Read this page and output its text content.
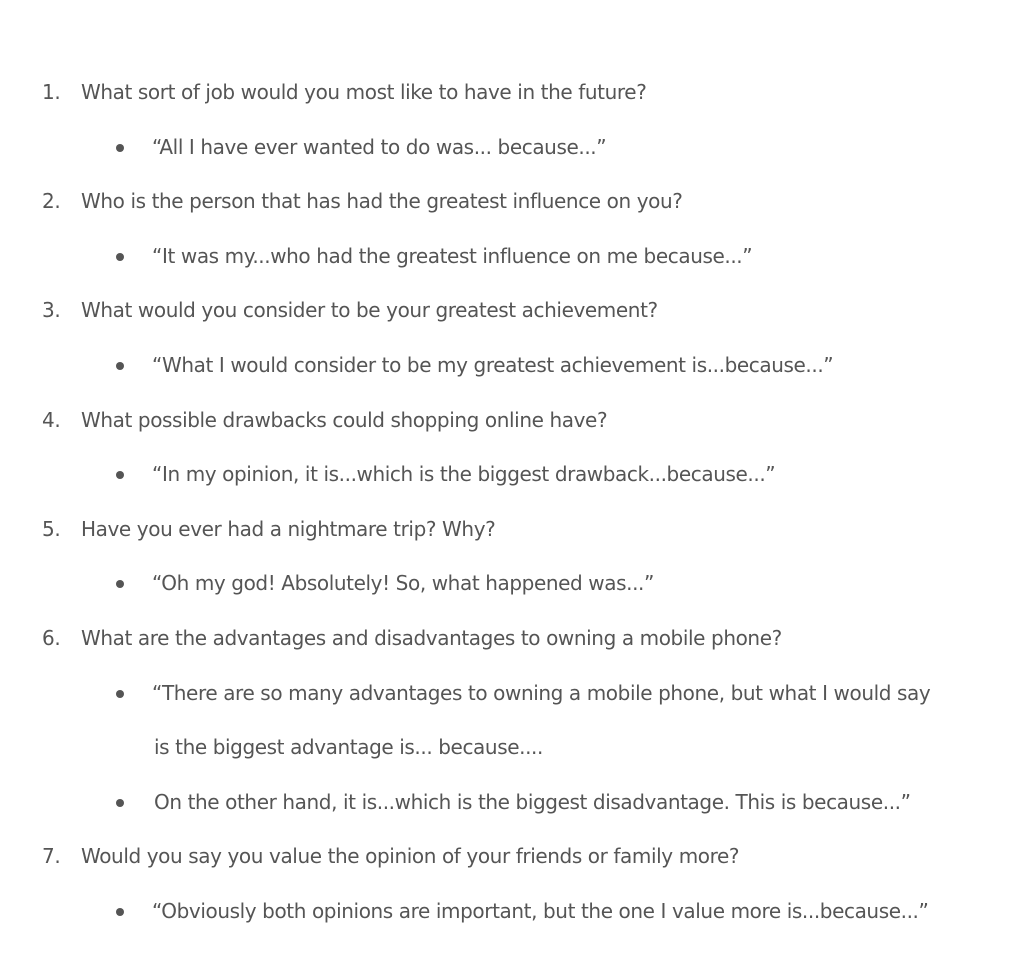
1.	What sort of job would you most like to have in the future?
“All I have ever wanted to do was... because...”
2.	Who is the person that has had the greatest influence on you?
“It was my...who had the greatest influence on me because...”
3.	What would you consider to be your greatest achievement?
“What I would consider to be my greatest achievement is...because...”
4.	What possible drawbacks could shopping online have?
“In my opinion, it is...which is the biggest drawback...because...”
5.	Have you ever had a nightmare trip? Why?
“Oh my god! Absolutely! So, what happened was...”
6.	What are the advantages and disadvantages to owning a mobile phone?
“There are so many advantages to owning a mobile phone, but what I would say
is the biggest advantage is... because....
On the other hand, it is...which is the biggest disadvantage. This is because...”
7.	Would you say you value the opinion of your friends or family more?
“Obviously both opinions are important, but the one I value more is...because...”
